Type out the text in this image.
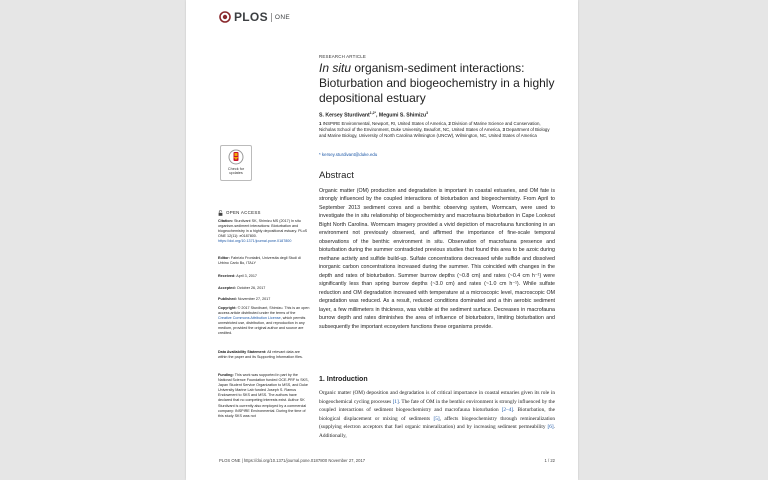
PLOS ONE
RESEARCH ARTICLE
In situ organism-sediment interactions: Bioturbation and biogeochemistry in a highly depositional estuary
S. Kersey Sturdivant$^{1,2*}$, Megumi S. Shimizu$^3$
1 INSPIRE Environmental, Newport, RI, United States of America, 2 Division of Marine Science and Conservation, Nicholas School of the Environment, Duke University, Beaufort, NC, United States of America, 3 Department of Biology and Marine Biology, University of North Carolina Wilmington (UNCW), Wilmington, NC, United States of America
* kersey.sturdivant@duke.edu
Check for
updates
OPEN ACCESS
Citation: Sturdivant SK, Shimizu MS (2017) In situ organism-sediment interactions: Bioturbation and biogeochemistry in a highly depositional estuary. PLoS ONE 12(11): e0187800. https://doi.org/10.1371/journal.pone.0187800
Editor: Fabrizio Frontalini, Universita degli Studi di Urbino Carlo Bo, ITALY
Received: April 3, 2017
Accepted: October 26, 2017
Published: November 27, 2017
Copyright: © 2017 Sturdivant, Shimizu. This is an open access article distributed under the terms of the Creative Commons Attribution License, which permits unrestricted use, distribution, and reproduction in any medium, provided the original author and source are credited.
Data Availability Statement: All relevant data are within the paper and its Supporting Information files.
Funding: This work was supported in part by the National Science Foundation funded OCE-PRF to SKS, Japan Student Service Organization to MSS, and Duke University Marine Lab funded Joseph S. Ramus Endowment to SKS and MSS. The authors have declared that no competing interests exist. Author SK Sturdivant is currently also employed by a commercial company: INSPIRE Environmental. During the time of this study SKS was not
Abstract
Organic matter (OM) production and degradation is important in coastal estuaries, and OM fate is strongly influenced by the coupled interactions of bioturbation and biogeochemistry. From April to September 2013 sediment cores and a benthic observing system, Wormcam, were used to investigate the in situ relationship of biogeochemistry and macrofauna bioturbation in Cape Lookout Bight North Carolina. Wormcam imagery provided a vivid depiction of macrofauna functioning in an environment not previously observed, and affirmed the importance of fine-scale temporal observations of the benthic environment in situ. Observation of macrofauna presence and bioturbation during the summer contradicted previous studies that found this area to be azoic during methane activity and sulfide build-up. Sulfate concentrations decreased while sulfide and dissolved inorganic carbon concentrations increased during the summer. This coincided with changes in the depth and rates of bioturbation. Summer burrow depths (~0.8 cm) and rates (~0.4 cm h⁻¹) were significantly less than spring burrow depths (~3.0 cm) and rates (~1.0 cm h⁻¹). While sulfate reduction and OM degradation increased with temperature at a microscopic level, macroscopic OM degradation was reduced. As a result, reduced conditions dominated and a thin aerobic sediment layer, a few millimeters in thickness, was visible at the sediment surface. Decreases in macrofauna burrow depth and rates diminishes the area of influence of bioturbators, limiting bioturbation and subsequently the important ecosystem functions these organisms provide.
1. Introduction
Organic matter (OM) deposition and degradation is of critical importance in coastal estuaries given its role in biogeochemical cycling processes [1]. The fate of OM in the benthic environment is strongly influenced by the coupled interactions of sediment biogeochemistry and macrofauna bioturbation [2–4]. Bioturbation, the biological displacement or mixing of sediments [5], affects biogeochemistry through remineralization (supplying electron acceptors that fuel organic mineralization) and by increasing sediment permeability [6]. Additionally,
PLOS ONE | https://doi.org/10.1371/journal.pone.0187800 November 27, 2017	1 / 22
